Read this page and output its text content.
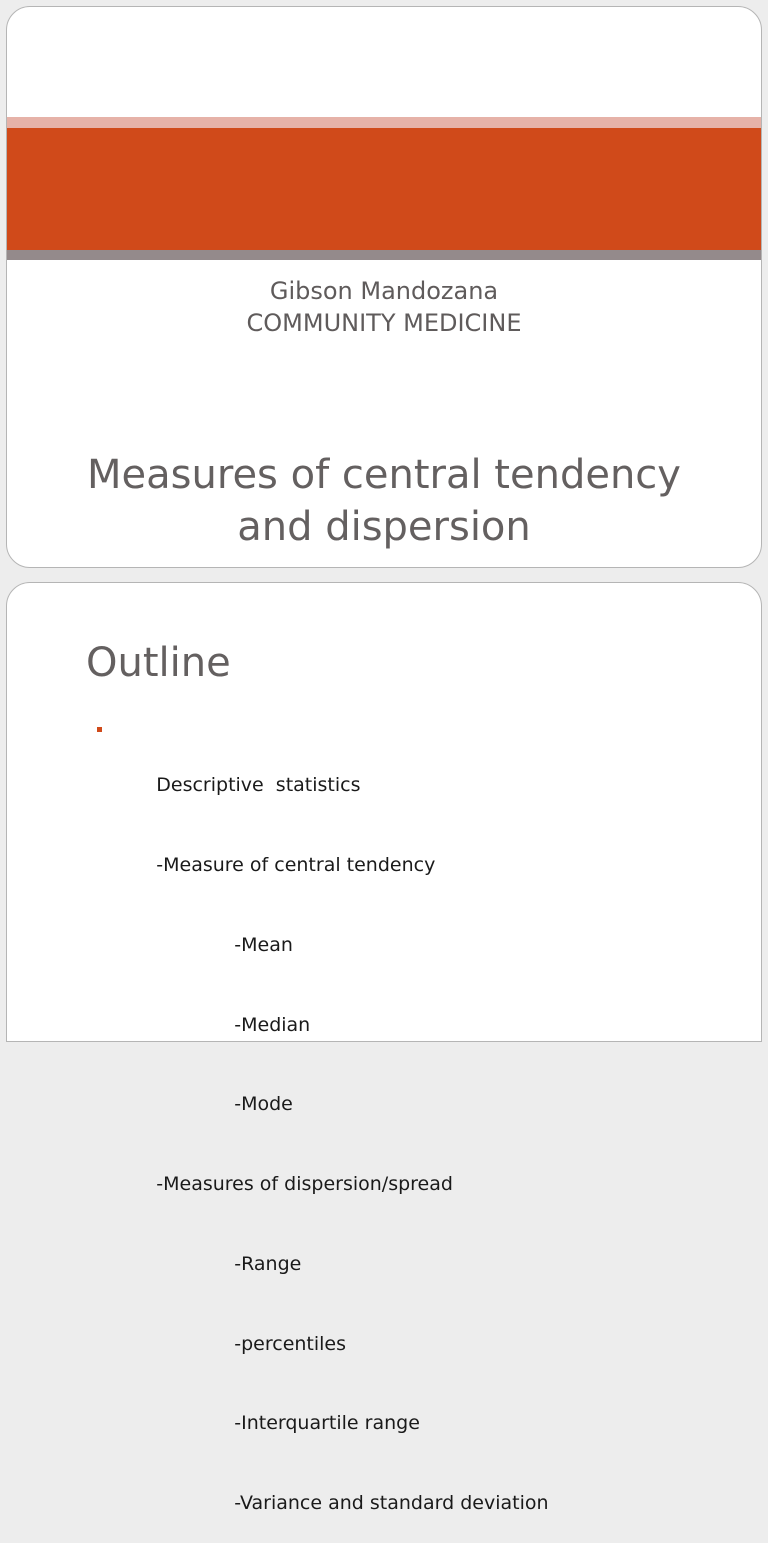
Gibson Mandozana
COMMUNITY MEDICINE
Measures of central tendency
and dispersion
Outline

Descriptive  statistics

-Measure of central tendency

-Mean

-Median

-Mode

-Measures of dispersion/spread

-Range

-percentiles

-Interquartile range

-Variance and standard deviation
